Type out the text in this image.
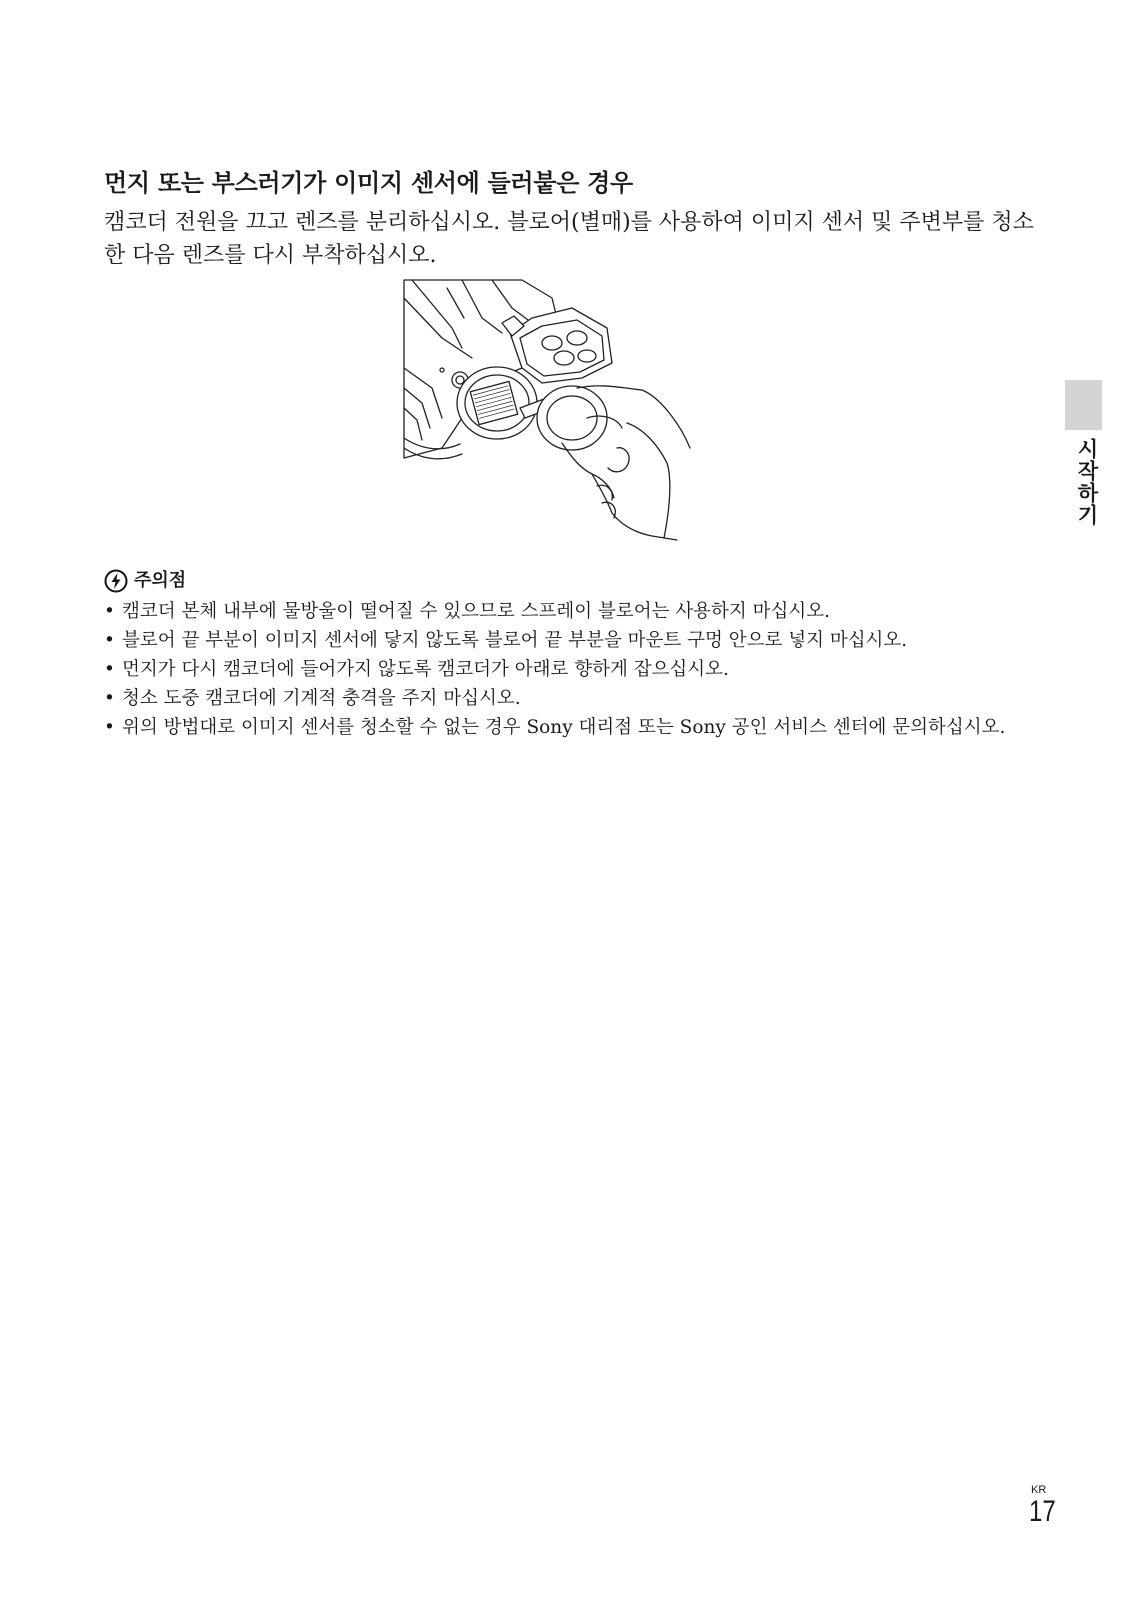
먼지 또는 부스러기가 이미지 센서에 들러붙은 경우

캠코더 전원을 끄고 렌즈를 분리하십시오. 블로어(별매)를 사용하여 이미지 센서 및 주변부를 청소한 다음 렌즈를 다시 부착하십시오.

주의점
• 캠코더 본체 내부에 물방울이 떨어질 수 있으므로 스프레이 블로어는 사용하지 마십시오.
• 블로어 끝 부분이 이미지 센서에 닿지 않도록 블로어 끝 부분을 마운트 구멍 안으로 넣지 마십시오.
• 먼지가 다시 캠코더에 들어가지 않도록 캠코더가 아래로 향하게 잡으십시오.
• 청소 도중 캠코더에 기계적 충격을 주지 마십시오.
• 위의 방법대로 이미지 센서를 청소할 수 없는 경우 Sony 대리점 또는 Sony 공인 서비스 센터에 문의하십시오.
시작하기
KR
17
